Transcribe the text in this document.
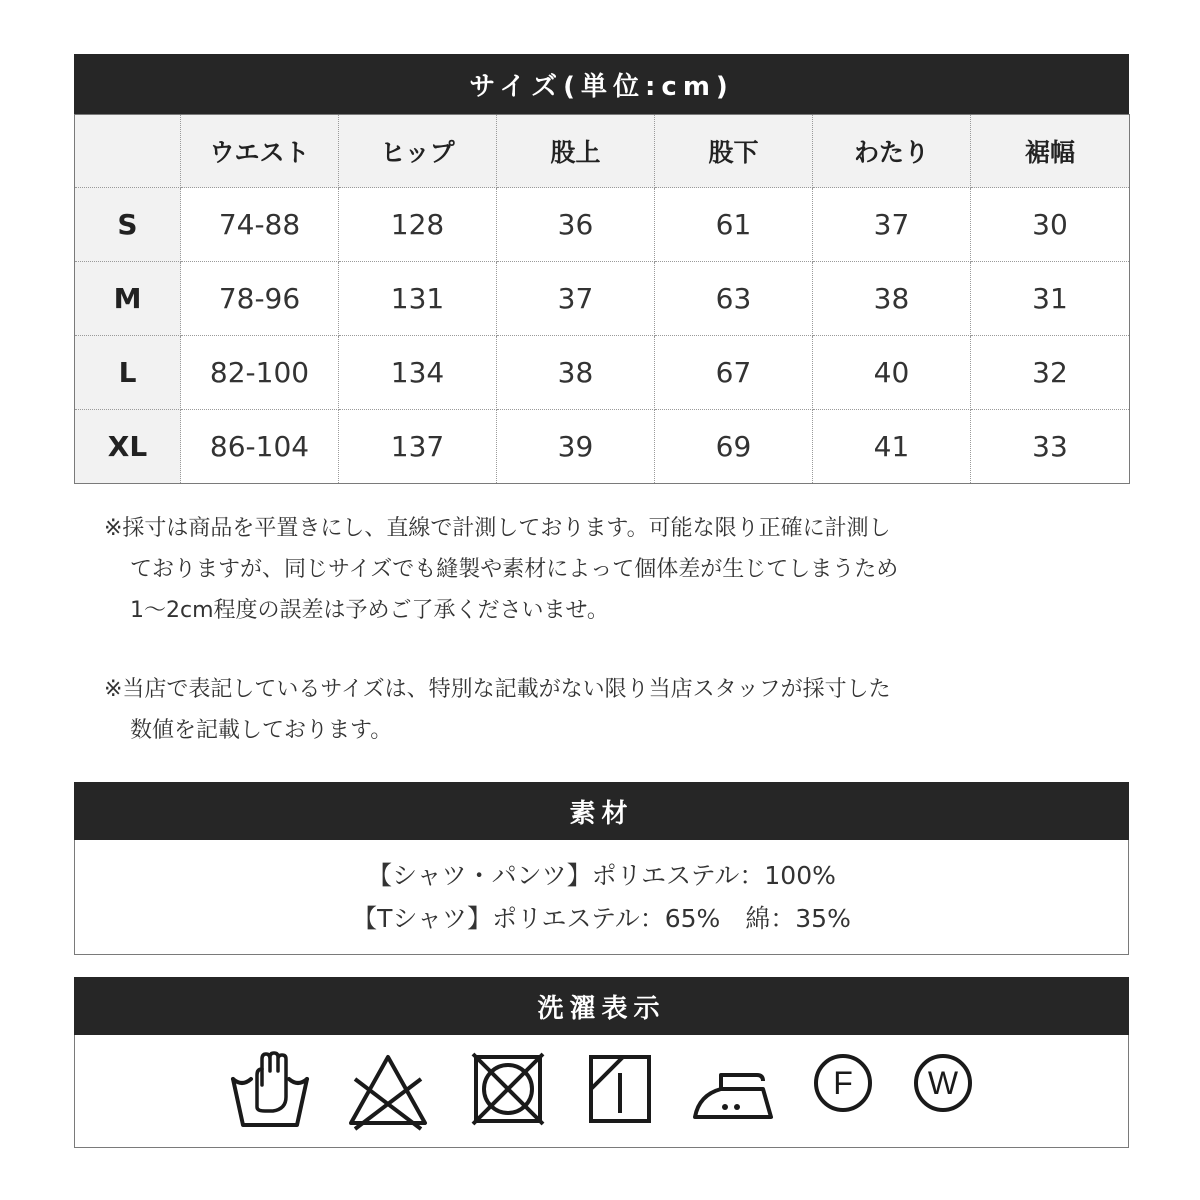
サイズ(単位:cm)
	ウエスト	ヒップ	股上	股下	わたり	裾幅
S	74-88	128	36	61	37	30
M	78-96	131	37	63	38	31
L	82-100	134	38	67	40	32
XL	86-104	137	39	69	41	33
※採寸は商品を平置きにし、直線で計測しております。可能な限り正確に計測し
ておりますが、同じサイズでも縫製や素材によって個体差が生じてしまうため
1～2cm程度の誤差は予めご了承くださいませ。
※当店で表記しているサイズは、特別な記載がない限り当店スタッフが採寸した
数値を記載しております。
素材
【シャツ・パンツ】ポリエステル：100%
【Tシャツ】ポリエステル：65%　綿：35%
洗濯表示
F W
